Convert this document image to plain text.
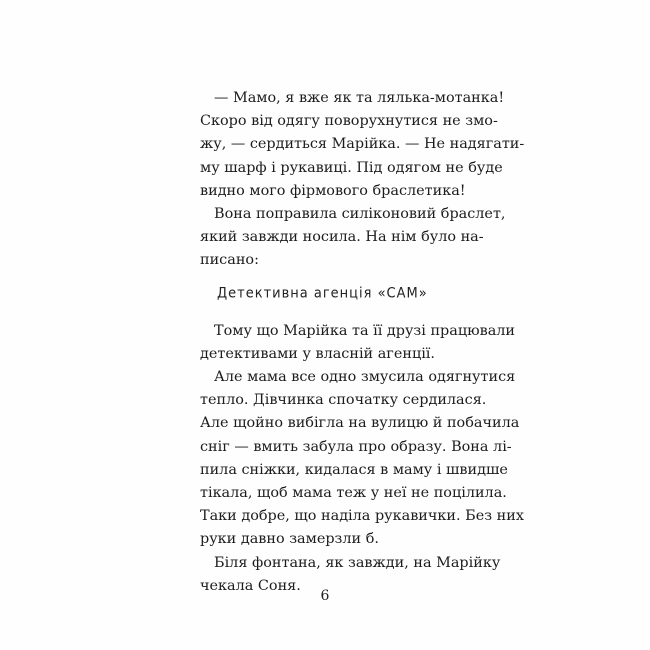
— Мамо, я вже як та лялька-мотанка!
Скоро від одягу поворухнутися не змо-
жу, — сердиться Марійка. — Не надягати-
му шарф і рукавиці. Під одягом не буде
видно мого фірмового браслетика!
Вона поправила силіконовий браслет,
який завжди носила. На нім було на-
писано:
Детективна агенція «САМ»
Тому що Марійка та її друзі працювали
детективами у власній агенції.
Але мама все одно змусила одягнутися
тепло. Дівчинка спочатку сердилася.
Але щойно вибігла на вулицю й побачила
сніг — вмить забула про образу. Вона лі-
пила сніжки, кидалася в маму і швидше
тікала, щоб мама теж у неї не поцілила.
Таки добре, що наділа рукавички. Без них
руки давно замерзли б.
Біля фонтана, як завжди, на Марійку
чекала Соня.
6
